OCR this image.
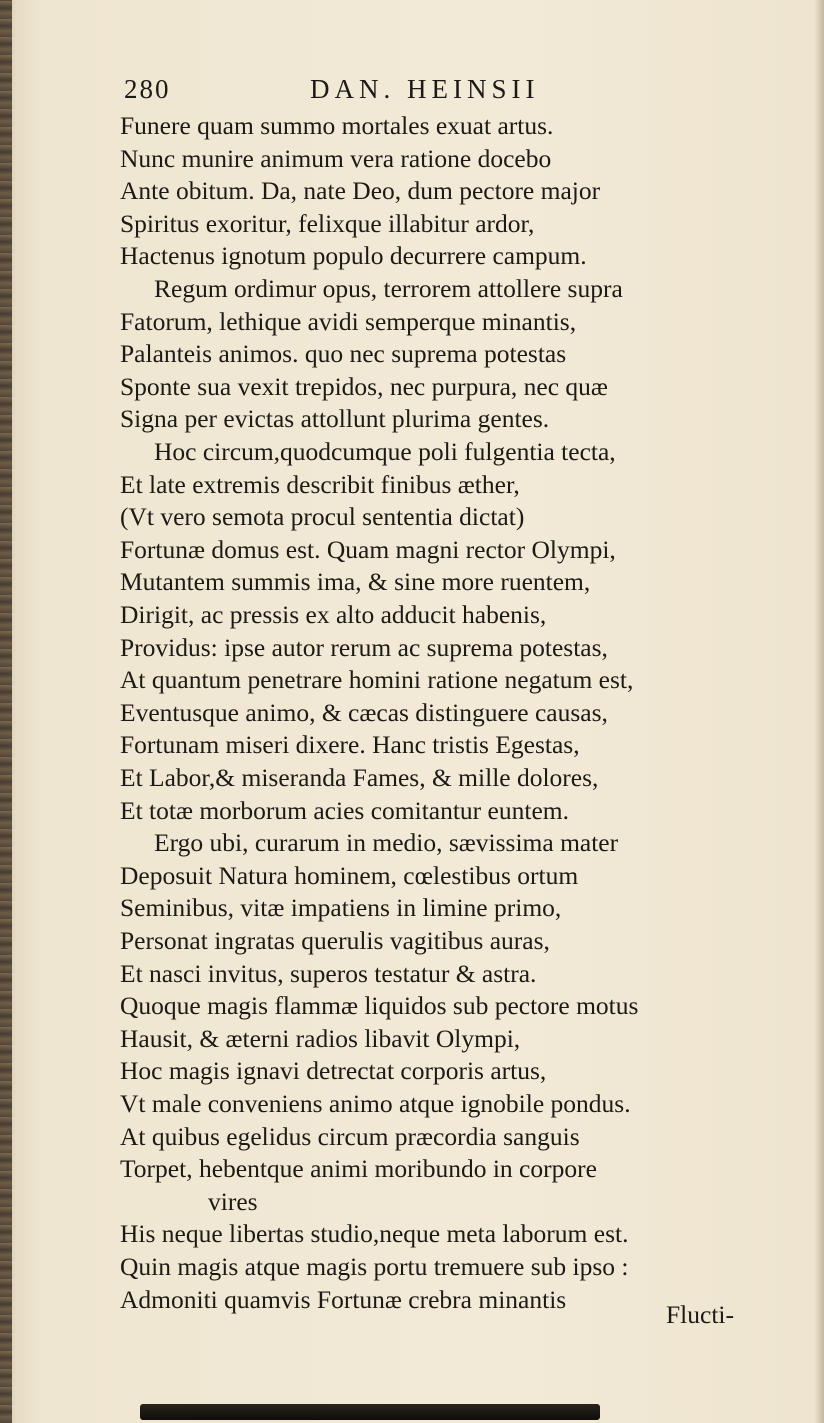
280	DAN. HEINSII
Funere quam summo mortales exuat artus.
Nunc munire animum vera ratione docebo
Ante obitum. Da, nate Deo, dum pectore major
Spiritus exoritur, felixque illabitur ardor,
Hactenus ignotum populo decurrere campum.
Regum ordimur opus, terrorem attollere supra
Fatorum, lethique avidi semperque minantis,
Palanteis animos. quo nec suprema potestas
Sponte sua vexit trepidos, nec purpura, nec quæ
Signa per evictas attollunt plurima gentes.
Hoc circum,quodcumque poli fulgentia tecta,
Et late extremis describit finibus æther,
(Vt vero semota procul sententia dictat)
Fortunæ domus est. Quam magni rector Olympi,
Mutantem summis ima, & sine more ruentem,
Dirigit, ac pressis ex alto adducit habenis,
Providus: ipse autor rerum ac suprema potestas,
At quantum penetrare homini ratione negatum est,
Eventusque animo, & cæcas distinguere causas,
Fortunam miseri dixere. Hanc tristis Egestas,
Et Labor,& miseranda Fames, & mille dolores,
Et totæ morborum acies comitantur euntem.
Ergo ubi, curarum in medio, sævissima mater
Deposuit Natura hominem, cœlestibus ortum
Seminibus, vitæ impatiens in limine primo,
Personat ingratas querulis vagitibus auras,
Et nasci invitus, superos testatur & astra.
Quoque magis flammæ liquidos sub pectore motus
Hausit, & æterni radios libavit Olympi,
Hoc magis ignavi detrectat corporis artus,
Vt male conveniens animo atque ignobile pondus.
At quibus egelidus circum præcordia sanguis
Torpet, hebentque animi moribundo in corpore
vires
His neque libertas studio,neque meta laborum est.
Quin magis atque magis portu tremuere sub ipso :
Admoniti quamvis Fortunæ crebra minantis
Flucti-
